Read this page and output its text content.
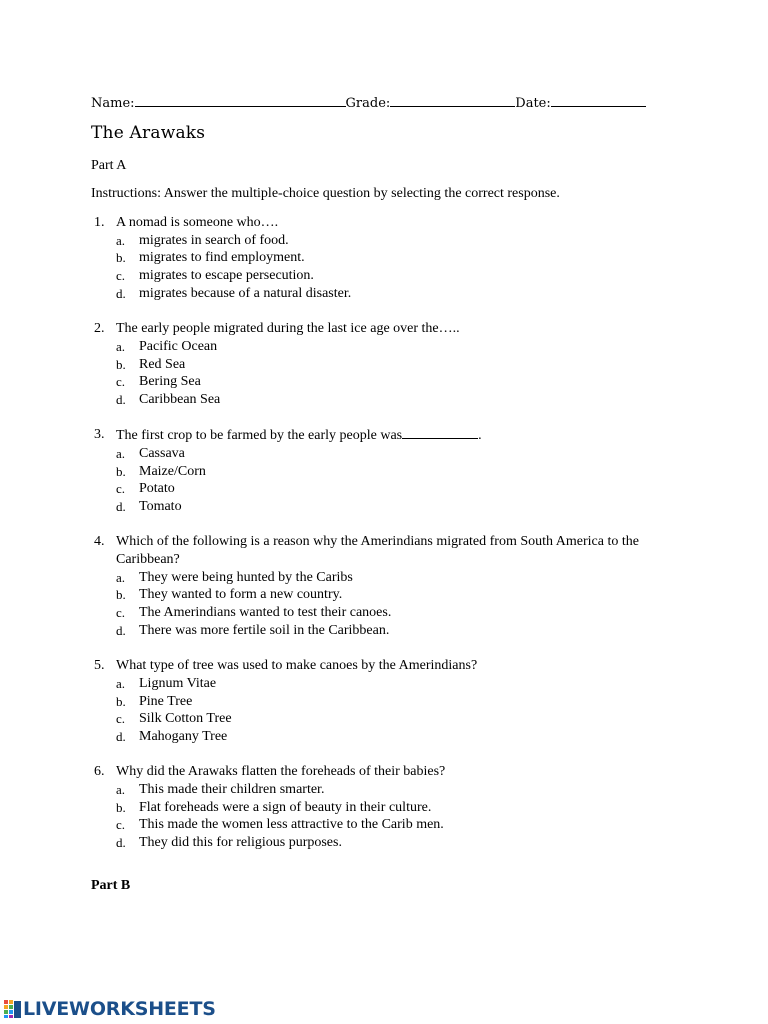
Name:	Grade:	Date:
The Arawaks
Part A
Instructions: Answer the multiple-choice question by selecting the correct response.
1. A nomad is someone who….
a. migrates in search of food.
b. migrates to find employment.
c. migrates to escape persecution.
d. migrates because of a natural disaster.
2. The early people migrated during the last ice age over the…..
a. Pacific Ocean
b. Red Sea
c. Bering Sea
d. Caribbean Sea
3. The first crop to be farmed by the early people was	.
a. Cassava
b. Maize/Corn
c. Potato
d. Tomato
4. Which of the following is a reason why the Amerindians migrated from South America to the Caribbean?
a. They were being hunted by the Caribs
b. They wanted to form a new country.
c. The Amerindians wanted to test their canoes.
d. There was more fertile soil in the Caribbean.
5. What type of tree was used to make canoes by the Amerindians?
a. Lignum Vitae
b. Pine Tree
c. Silk Cotton Tree
d. Mahogany Tree
6. Why did the Arawaks flatten the foreheads of their babies?
a. This made their children smarter.
b. Flat foreheads were a sign of beauty in their culture.
c. This made the women less attractive to the Carib men.
d. They did this for religious purposes.
Part B
LIVEWORKSHEETS
